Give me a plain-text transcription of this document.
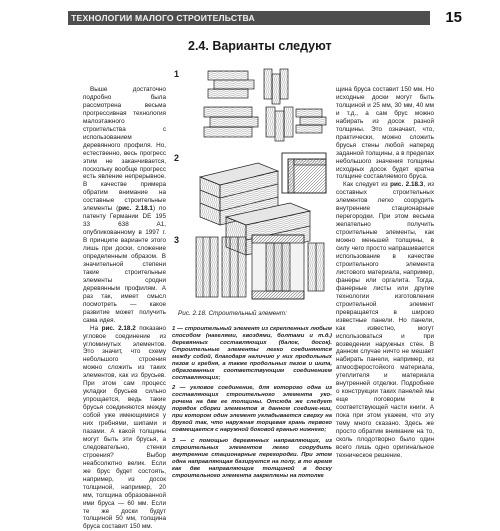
ТЕХНОЛОГИИ МАЛОГО СТРОИТЕЛЬСТВА	15
2.4. Варианты следуют

Выше достаточно подробно была рассмотрена весьма прогрессивная технология малоэтажного строительства с использованием деревянного профиля. Но, естественно, весь прогресс этим не заканчивается, поскольку вообще прогресс есть явление непрерывное. В качестве примера обратим внимание на составные строительные элементы (рис. 2.18.1) по патенту Германии DE 195 33 638 A1, опубликованному в 1997 г. В принципе варианте этого лишь при доски, сложение определенным образом. В значительной степени такие строительные элементы сродни деревянным профилям. А раз так, имеет смысл посмотреть — какое развитие может получить сама идея.

На рис. 2.18.2 показано угловое соединение из угломинутых элементов. Это значит, что схему небольшого строения можно сложить из таких элементов, как из брусьев. При этом сам процесс укладки брусьев сильно упрощается, ведь такие брусья соединяются между собой уже имеющимися у них гребнями, шипами и пазами. А какой толщины могут быть эти брусья, а следовательно, стенки строения? Выбор неабсолютно велик. Если же брус будет состоять, например, из досок толщиной, например, 20 мм, толщина образованной ими бруса — 60 мм. Если те же доски будут толщиной 50 мм, толщина бруса составит 150 мм.

щина бруса составит 150 мм. Но исходные доски могут быть толщиной и 25 мм, 30 мм, 40 мм и т.д., а сам брус можно набирать из досок разной толщины. Это означает, что, практически, можно сложить брусья стены любой наперед заданной толщины, а в пределах небольшого значения толщины исходных досок будет кратна толщине составляемого бруса.

Как следует из рис. 2.18.3, из составных строительных элементов легко соорудить внутренние стационарные перегородки. При этом весьма желательно получить строительные элементы, как можно меньшей толщины, в силу чего просто напрашивается использование в качестве строительного элемента листового материала, например, фанеры или оргалита. Тогда, фанерные листы или другие технологии изготовления строительной элемент превращается в широко известные панели. Но панели, как известно, могут использоваться и при возведении наружных стен. В данном случае ничто не мешает набирать панели, например, из атмосферостойкого материала, утеплителя и материала внутренней отделки. Подробнее о конструкции таких панелей мы еще поговорим в соответствующей части книги. А пока при этом укажем, что эту тему много сказано. Здесь же просто обратим внимание на то, сколь плодотворно было один всего лишь одно оригинальное техническое решение.

1
2
3
Рис. 2.18. Строительный элемент:

1 — строительный элемент из скрепленных любым способом (нагелями, гвоздями, болтами и т.д.) деревянных составляющих (балок, досок). Строительные элементы легко соединяются между собой, благодаря наличию у них продольных пазов и гребня, а также продольных пазов и шипа, образованных соответствующим соединением составляющих;

2 — угловое соединение, для которого одна из составляющих строительного элемента уко-рочена на две ее толщины. Отсюда же следует порядок сборки элементов в данном соедине-нии, при котором один элемент укладывается сверху на другой так, что наружная торцевая грань первого совмещается с наружной боковой гранью нижнего;

3 — с помощью деревянных направляющих, из строительных элементов легко соорудить внутренние стационарные перегородки. При этом одна направляющая базируется на полу, в то время как две направляющие толщиной в доску строительного элемента закреплены на потолке
